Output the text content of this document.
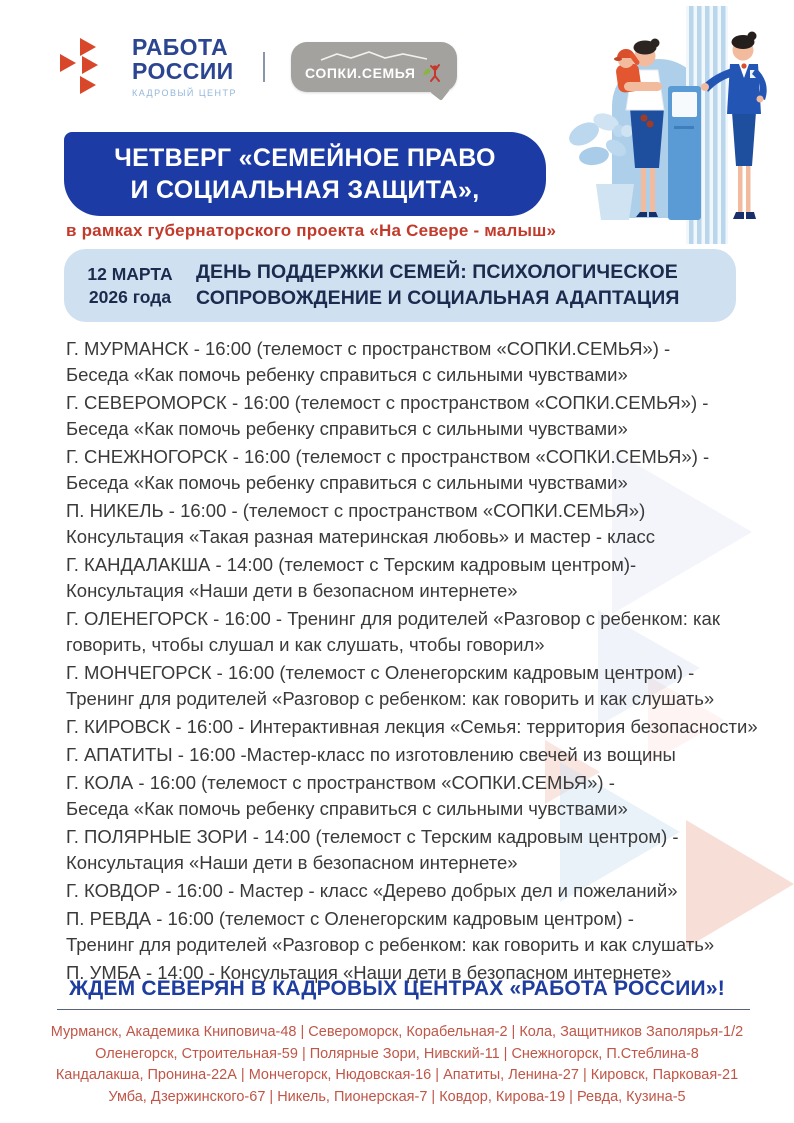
РАБОТА
РОССИИ
КАДРОВЫЙ ЦЕНТР
СОПКИ.СЕМЬЯ
ЧЕТВЕРГ «СЕМЕЙНОЕ ПРАВО
И СОЦИАЛЬНАЯ ЗАЩИТА»,
в рамках губернаторского проекта «На Севере - малыш»
12 МАРТА
2026 года
ДЕНЬ ПОДДЕРЖКИ СЕМЕЙ: ПСИХОЛОГИЧЕСКОЕ
СОПРОВОЖДЕНИЕ И СОЦИАЛЬНАЯ АДАПТАЦИЯ
Г. МУРМАНСК - 16:00 (телемост с пространством «СОПКИ.СЕМЬЯ») -
Беседа «Как помочь ребенку справиться с сильными чувствами»
Г. СЕВЕРОМОРСК - 16:00 (телемост с пространством «СОПКИ.СЕМЬЯ») -
Беседа «Как помочь ребенку справиться с сильными чувствами»
Г. СНЕЖНОГОРСК - 16:00 (телемост с пространством «СОПКИ.СЕМЬЯ») -
Беседа «Как помочь ребенку справиться с сильными чувствами»
П. НИКЕЛЬ - 16:00 - (телемост с пространством «СОПКИ.СЕМЬЯ»)
Консультация «Такая разная материнская любовь» и мастер - класс
Г. КАНДАЛАКША - 14:00 (телемост с Терским кадровым центром)-
Консультация «Наши дети в безопасном интернете»
Г. ОЛЕНЕГОРСК - 16:00 - Тренинг для родителей «Разговор с ребенком: как
говорить, чтобы слушал и как слушать, чтобы говорил»
Г. МОНЧЕГОРСК - 16:00 (телемост с Оленегорским кадровым центром) -
Тренинг для родителей «Разговор с ребенком: как говорить и как слушать»
Г. КИРОВСК - 16:00 - Интерактивная лекция «Семья: территория безопасности»
Г. АПАТИТЫ - 16:00 -Мастер-класс по изготовлению свечей из вощины
Г. КОЛА - 16:00 (телемост с пространством «СОПКИ.СЕМЬЯ») -
Беседа «Как помочь ребенку справиться с сильными чувствами»
Г. ПОЛЯРНЫЕ ЗОРИ - 14:00 (телемост с Терским кадровым центром) -
Консультация «Наши дети в безопасном интернете»
Г. КОВДОР - 16:00 - Мастер - класс «Дерево добрых дел и пожеланий»
П. РЕВДА - 16:00 (телемост с Оленегорским кадровым центром) -
Тренинг для родителей «Разговор с ребенком: как говорить и как слушать»
П. УМБА - 14:00 - Консультация «Наши дети в безопасном интернете»
ЖДЕМ СЕВЕРЯН В КАДРОВЫХ ЦЕНТРАХ «РАБОТА РОССИИ»!
Мурманск, Академика Книповича-48 | Североморск, Корабельная-2 | Кола, Защитников Заполярья-1/2
Оленегорск, Строительная-59 | Полярные Зори, Нивский-11 | Снежногорск, П.Стеблина-8
Кандалакша, Пронина-22А | Мончегорск, Нюдовская-16 | Апатиты, Ленина-27 | Кировск, Парковая-21
Умба, Дзержинского-67 | Никель, Пионерская-7 | Ковдор, Кирова-19 | Ревда, Кузина-5
